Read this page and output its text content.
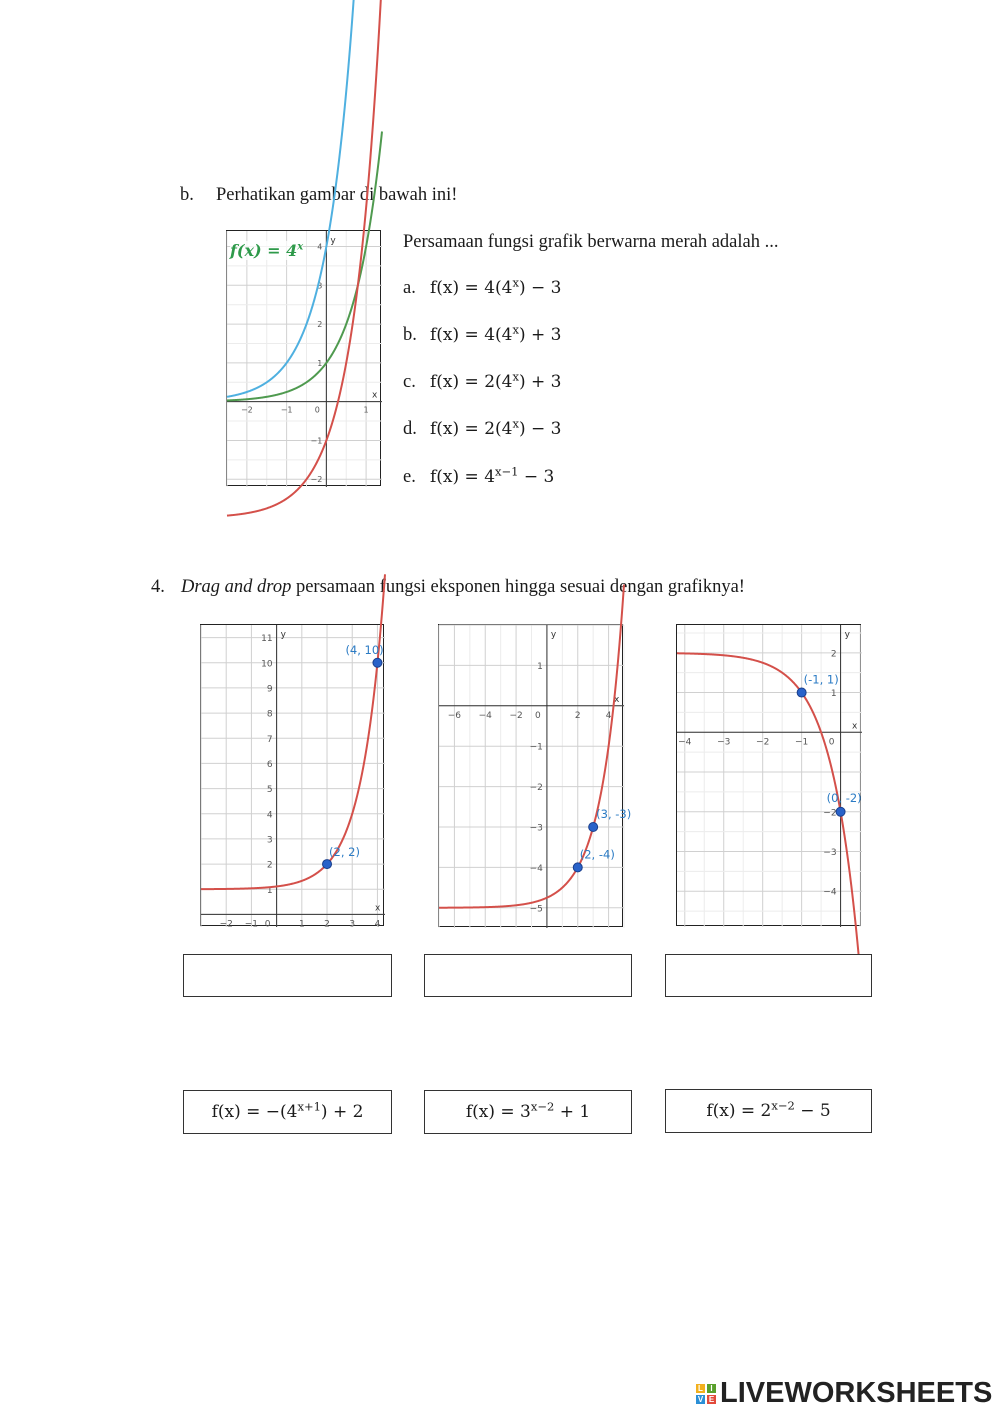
b. Perhatikan gambar di bawah ini!
x
y
−2	−1	0	1
−2
−1
1
2
3
4
$f(x) = 4^x$	Persamaan fungsi grafik berwarna merah adalah ...
a. $f(x) = 4(4^x) - 3$
b. $f(x) = 4(4^x) + 3$
c. $f(x) = 2(4^x) + 3$
d. $f(x) = 2(4^x) - 3$
e. $f(x) = 4^{x-1} - 3$
4. Drag and drop persamaan fungsi eksponen hingga sesuai dengan grafiknya!
x
y
−2 −1 0	1 2 3 4
1
2
3
4
5
6
7
8
9
10
11
(2, 2)
(4, 10)
x
y
−6 −4 −2 0	2	4
−5
−4
−3
−2
−1
1
(2, -4)
(3, -3)
x
y
−4	−3	−2	−1 0
−4
−3
−2
1
2
(-1, 1)
(0, -2)
$f(x) = -(4^{x+1}) + 2$	$f(x) = 3^{x-2} + 1$	$f(x) = 2^{x-2} - 5$
L I
V E LIVEWORKSHEETS
